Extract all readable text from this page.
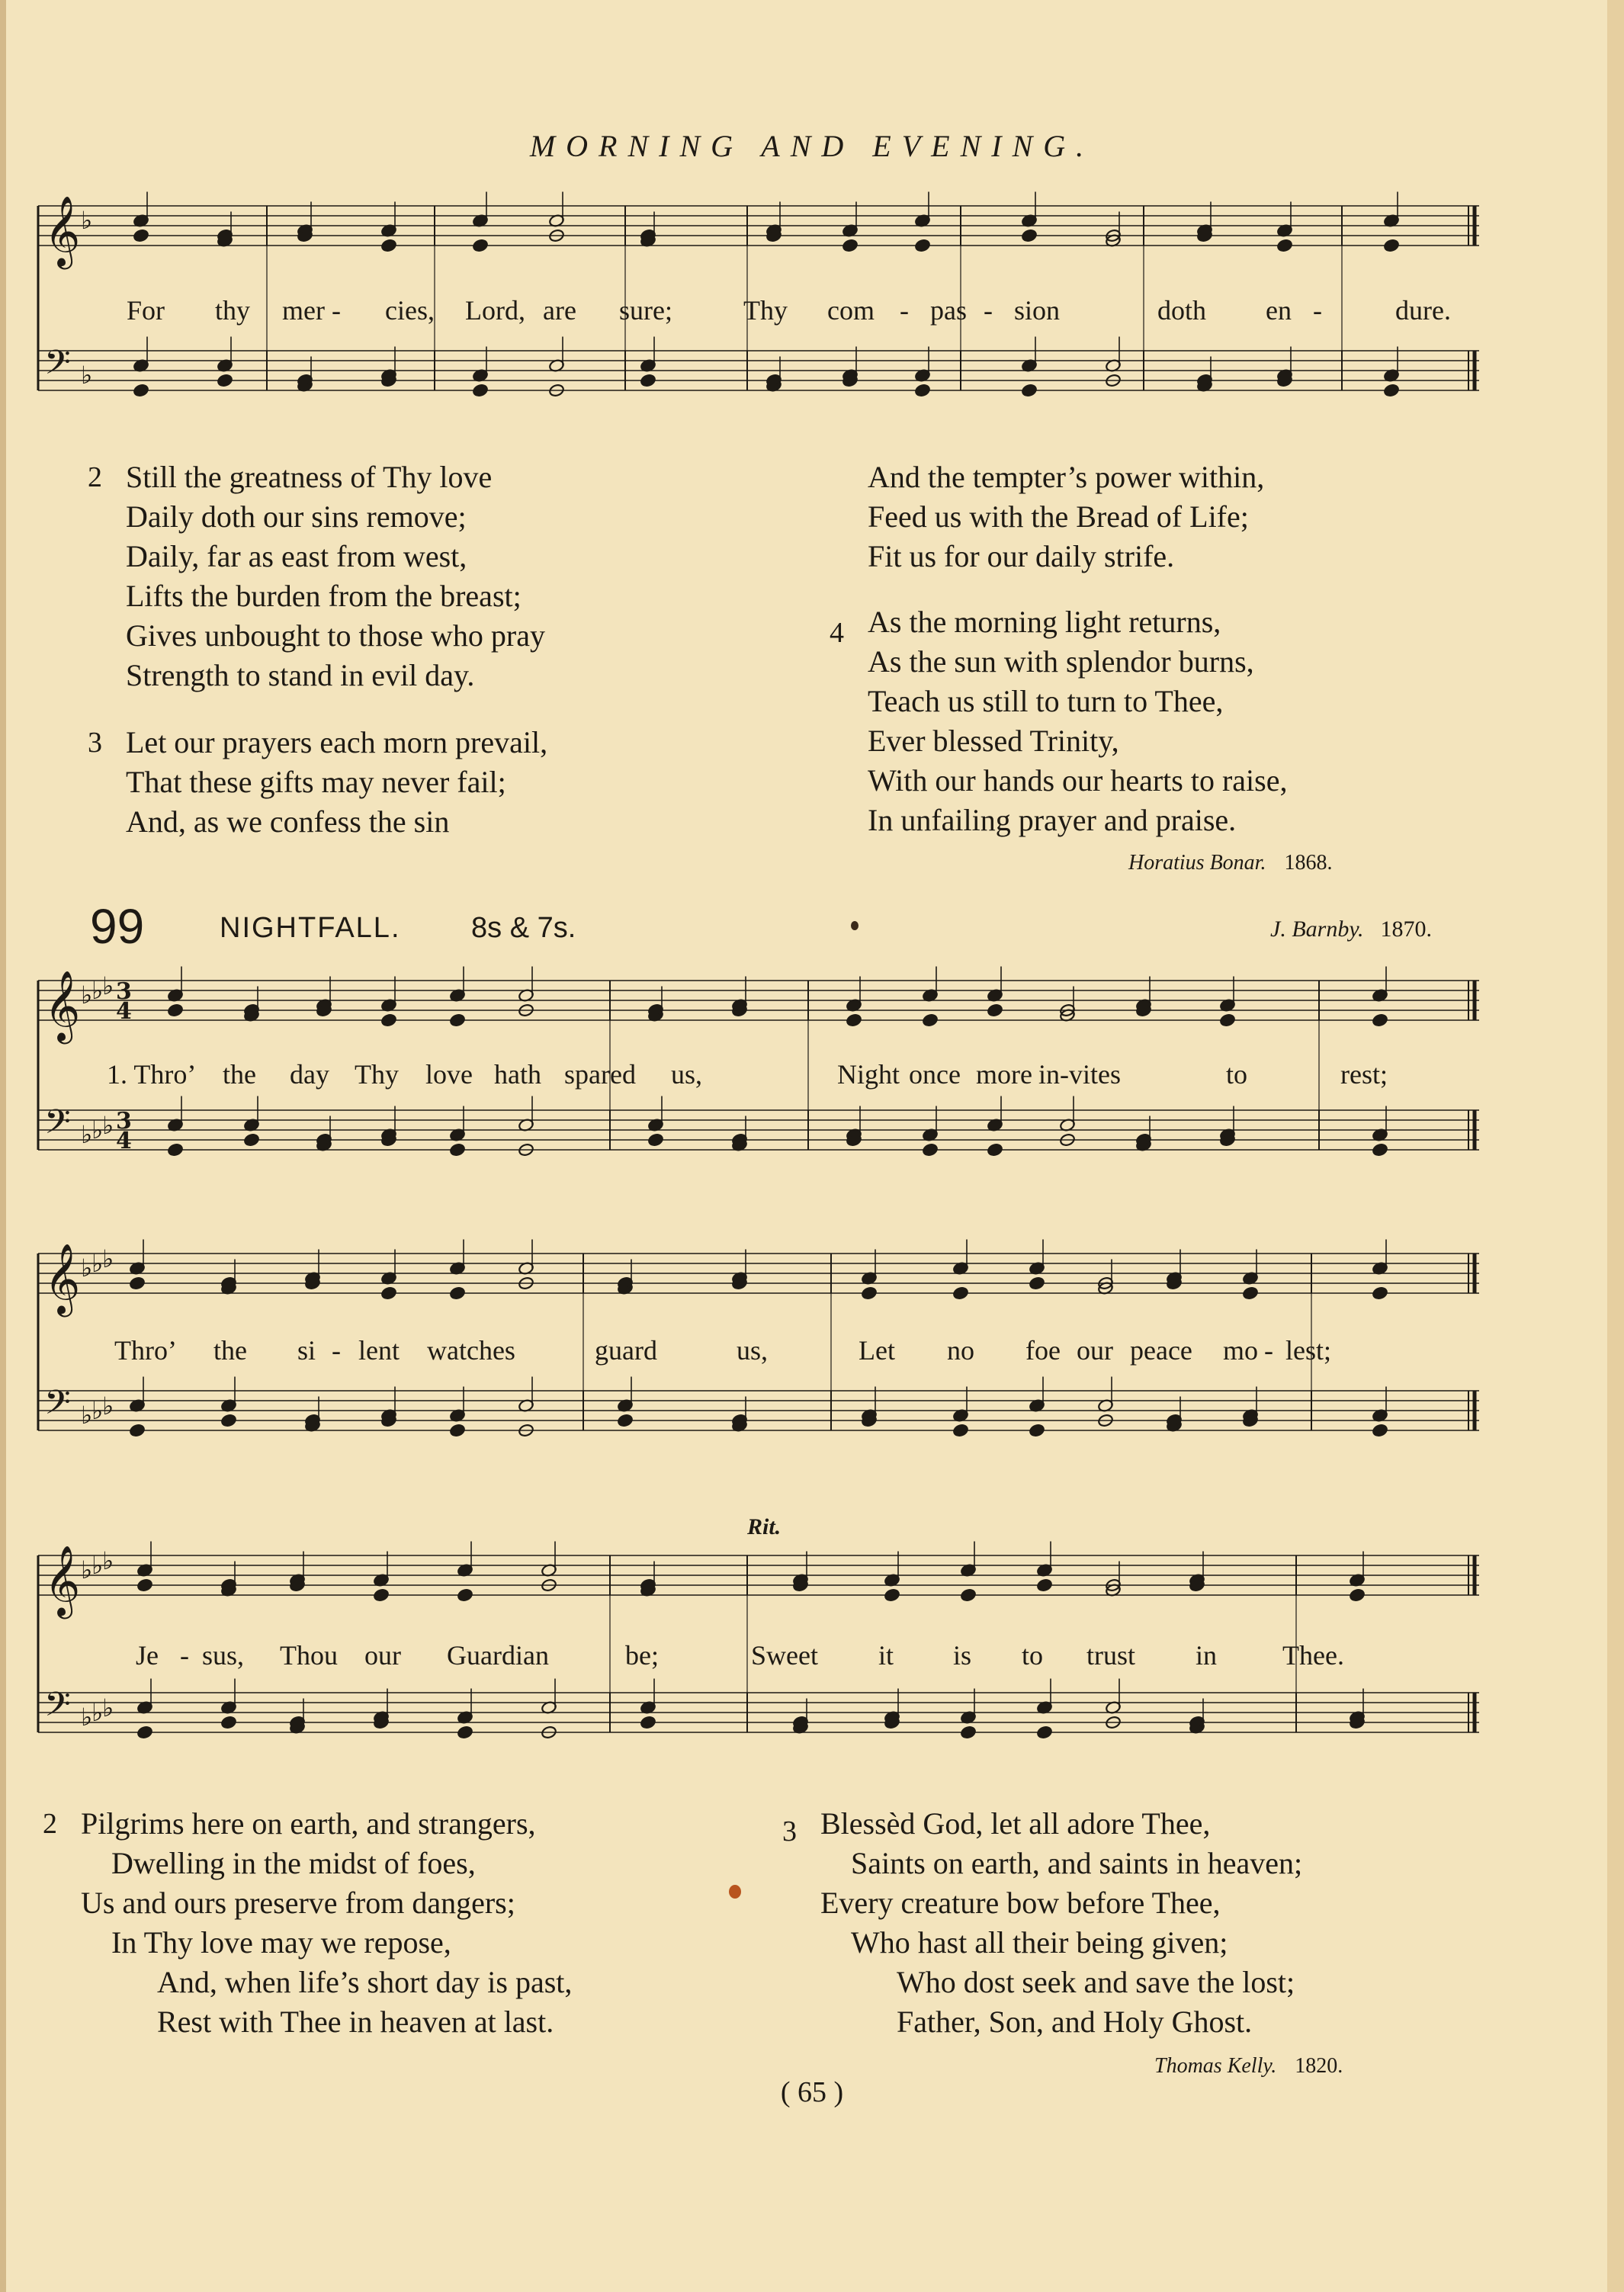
MORNING AND EVENING.
𝄞 ♭
𝄢 ♭
For thy mer - cies, Lord, are sure;	Thy com - pas - sion	doth en -	dure.
2 Still the greatness of Thy love
Daily doth our sins remove;
Daily, far as east from west,
Lifts the burden from the breast;
Gives unbought to those who pray
Strength to stand in evil day.
3 Let our prayers each morn prevail,
That these gifts may never fail;
And, as we confess the sin
And the tempter’s power within,
Feed us with the Bread of Life;
Fit us for our daily strife.
4 As the morning light returns,
As the sun with splendor burns,
Teach us still to turn to Thee,
Ever blessed Trinity,
With our hands our hearts to raise,
In unfailing prayer and praise.
Horatius Bonar. 1868.
99	NIGHTFALL. 8s & 7s.	J. Barnby. 1870.
𝄞 ♭
♭
♭ 3
4
𝄢 ♭
♭
♭ 3
4
1. Thro’ the day Thy love hath spared us,	Night once more in-vites	to	rest;
𝄞 ♭
♭
♭
𝄢 ♭
♭
♭
Thro’ the si - lent watches	guard	us,	Let no foe our peace mo - lest;
Rit.
𝄞 ♭
♭
♭
𝄢 ♭
♭
♭
Je - sus, Thou our Guardian	be;	Sweet it is to trust in Thee.
2 Pilgrims here on earth, and strangers,
Dwelling in the midst of foes,
Us and ours preserve from dangers;
In Thy love may we repose,
And, when life’s short day is past,
Rest with Thee in heaven at last.
3 Blessèd God, let all adore Thee,
Saints on earth, and saints in heaven;
Every creature bow before Thee,
Who hast all their being given;
Who dost seek and save the lost;
Father, Son, and Holy Ghost.
Thomas Kelly. 1820.
( 65 )
